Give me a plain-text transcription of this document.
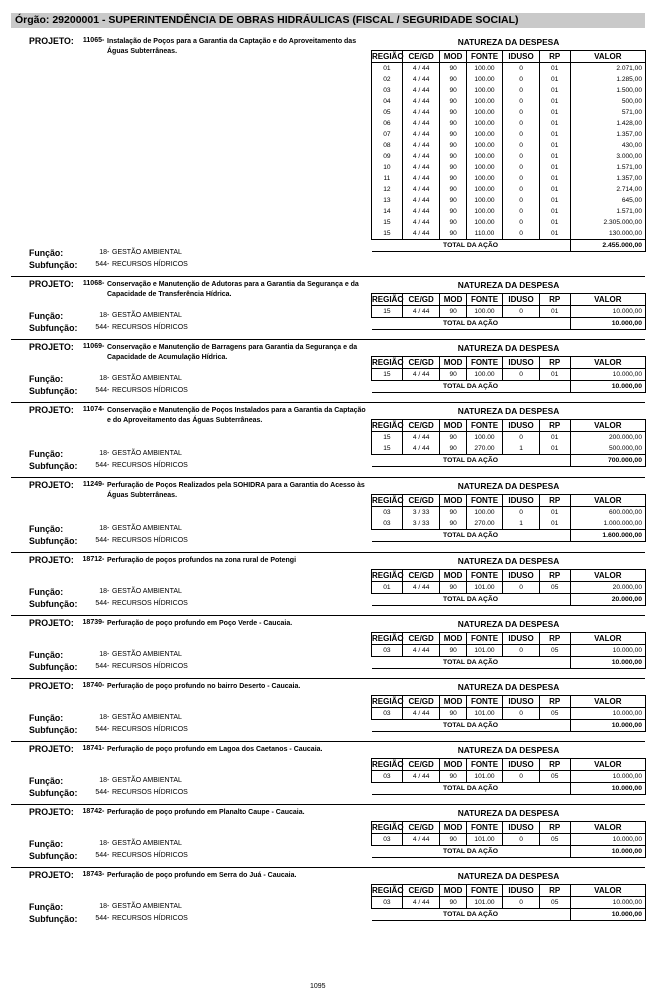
Órgão: 29200001 - SUPERINTENDÊNCIA DE OBRAS HIDRÁULICAS (FISCAL / SEGURIDADE SOCIAL)
PROJETO:	11065 - Instalação de Poços para a Garantia da Captação e do Aproveitamento das Águas Subterrâneas.
Função:	18 - GESTÃO AMBIENTAL
Subfunção:	544 - RECURSOS HÍDRICOS
NATUREZA DA DESPESA
REGIÃO	CE/GD	MOD	FONTE	IDUSO	RP	VALOR
01	4 / 44	90	100.00	0	01	2.071,00
02	4 / 44	90	100.00	0	01	1.285,00
03	4 / 44	90	100.00	0	01	1.500,00
04	4 / 44	90	100.00	0	01	500,00
05	4 / 44	90	100.00	0	01	571,00
06	4 / 44	90	100.00	0	01	1.428,00
07	4 / 44	90	100.00	0	01	1.357,00
08	4 / 44	90	100.00	0	01	430,00
09	4 / 44	90	100.00	0	01	3.000,00
10	4 / 44	90	100.00	0	01	1.571,00
11	4 / 44	90	100.00	0	01	1.357,00
12	4 / 44	90	100.00	0	01	2.714,00
13	4 / 44	90	100.00	0	01	645,00
14	4 / 44	90	100.00	0	01	1.571,00
15	4 / 44	90	100.00	0	01	2.305.000,00
15	4 / 44	90	110.00	0	01	130.000,00
TOTAL DA AÇÃO						2.455.000,00
PROJETO:	11068 - Conservação e Manutenção de Adutoras para a Garantia da Segurança e da Capacidade de Transferência Hídrica.
Função:	18 - GESTÃO AMBIENTAL
Subfunção:	544 - RECURSOS HÍDRICOS
NATUREZA DA DESPESA
REGIÃO	CE/GD	MOD	FONTE	IDUSO	RP	VALOR
15	4 / 44	90	100.00	0	01	10.000,00
TOTAL DA AÇÃO						10.000,00
PROJETO:	11069 - Conservação e Manutenção de Barragens para Garantia da Segurança e da Capacidade de Acumulação Hídrica.
Função:	18 - GESTÃO AMBIENTAL
Subfunção:	544 - RECURSOS HÍDRICOS
NATUREZA DA DESPESA
REGIÃO	CE/GD	MOD	FONTE	IDUSO	RP	VALOR
15	4 / 44	90	100.00	0	01	10.000,00
TOTAL DA AÇÃO						10.000,00
PROJETO:	11074 - Conservação e Manutenção de Poços Instalados para a Garantia da Captação e do Aproveitamento das Águas Subterrâneas.
Função:	18 - GESTÃO AMBIENTAL
Subfunção:	544 - RECURSOS HÍDRICOS
NATUREZA DA DESPESA
REGIÃO	CE/GD	MOD	FONTE	IDUSO	RP	VALOR
15	4 / 44	90	100.00	0	01	200.000,00
15	4 / 44	90	270.00	1	01	500.000,00
TOTAL DA AÇÃO						700.000,00
PROJETO:	11249 - Perfuração de Poços Realizados pela SOHIDRA para a Garantia do Acesso às Águas Subterrâneas.
Função:	18 - GESTÃO AMBIENTAL
Subfunção:	544 - RECURSOS HÍDRICOS
NATUREZA DA DESPESA
REGIÃO	CE/GD	MOD	FONTE	IDUSO	RP	VALOR
03	3 / 33	90	100.00	0	01	600.000,00
03	3 / 33	90	270.00	1	01	1.000.000,00
TOTAL DA AÇÃO						1.600.000,00
PROJETO:	18712 - Perfuração de poços profundos na zona rural de Potengi
Função:	18 - GESTÃO AMBIENTAL
Subfunção:	544 - RECURSOS HÍDRICOS
NATUREZA DA DESPESA
REGIÃO	CE/GD	MOD	FONTE	IDUSO	RP	VALOR
01	4 / 44	90	101.00	0	05	20.000,00
TOTAL DA AÇÃO						20.000,00
PROJETO:	18739 - Perfuração de poço profundo em Poço Verde - Caucaia.
Função:	18 - GESTÃO AMBIENTAL
Subfunção:	544 - RECURSOS HÍDRICOS
NATUREZA DA DESPESA
REGIÃO	CE/GD	MOD	FONTE	IDUSO	RP	VALOR
03	4 / 44	90	101.00	0	05	10.000,00
TOTAL DA AÇÃO						10.000,00
PROJETO:	18740 - Perfuração de poço profundo no bairro Deserto - Caucaia.
Função:	18 - GESTÃO AMBIENTAL
Subfunção:	544 - RECURSOS HÍDRICOS
NATUREZA DA DESPESA
REGIÃO	CE/GD	MOD	FONTE	IDUSO	RP	VALOR
03	4 / 44	90	101.00	0	05	10.000,00
TOTAL DA AÇÃO						10.000,00
PROJETO:	18741 - Perfuração de poço profundo em Lagoa dos Caetanos - Caucaia.
Função:	18 - GESTÃO AMBIENTAL
Subfunção:	544 - RECURSOS HÍDRICOS
NATUREZA DA DESPESA
REGIÃO	CE/GD	MOD	FONTE	IDUSO	RP	VALOR
03	4 / 44	90	101.00	0	05	10.000,00
TOTAL DA AÇÃO						10.000,00
PROJETO:	18742 - Perfuração de poço profundo em Planalto Caupe - Caucaia.
Função:	18 - GESTÃO AMBIENTAL
Subfunção:	544 - RECURSOS HÍDRICOS
NATUREZA DA DESPESA
REGIÃO	CE/GD	MOD	FONTE	IDUSO	RP	VALOR
03	4 / 44	90	101.00	0	05	10.000,00
TOTAL DA AÇÃO						10.000,00
PROJETO:	18743 - Perfuração de poço profundo em Serra do Juá - Caucaia.
Função:	18 - GESTÃO AMBIENTAL
Subfunção:	544 - RECURSOS HÍDRICOS
NATUREZA DA DESPESA
REGIÃO	CE/GD	MOD	FONTE	IDUSO	RP	VALOR
03	4 / 44	90	101.00	0	05	10.000,00
TOTAL DA AÇÃO						10.000,00
1095
